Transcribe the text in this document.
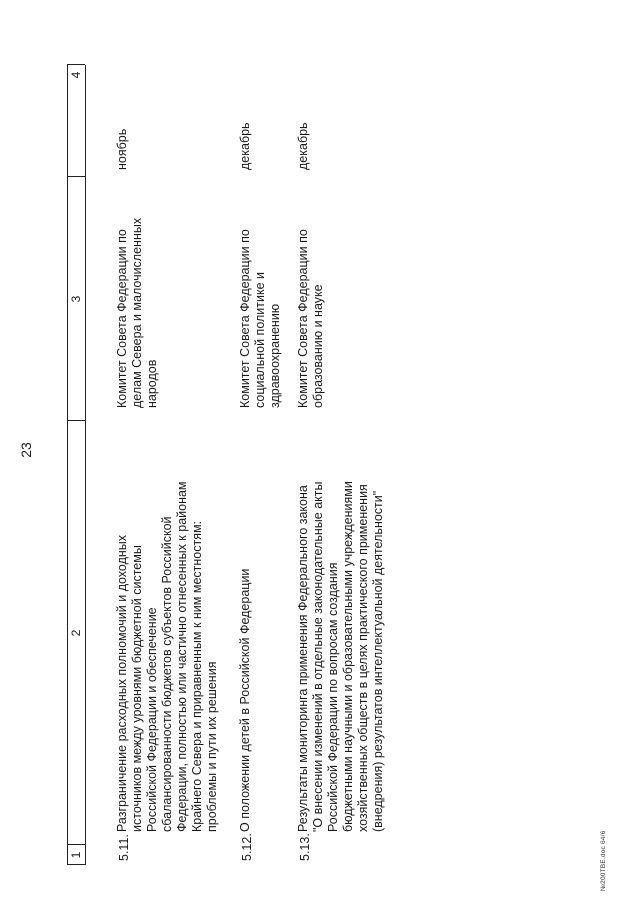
23
1
2
3
4
5.11.
Разграничение расходных полномочий и доходных
источников между уровнями бюджетной системы
Российской Федерации и обеспечение
сбалансированности бюджетов субъектов Российской
Федерации, полностью или частично отнесенных к районам
Крайнего Севера и приравненным к ним местностям:
проблемы и пути их решения
Комитет Совета Федерации по
делам Севера и малочисленных
народов
ноябрь
5.12.
О положении детей в Российской Федерации
Комитет Совета Федерации по
социальной политике и
здравоохранению
декабрь
5.13.
Результаты мониторинга применения Федерального закона
"О внесении изменений в отдельные законодательные акты
Российской Федерации по вопросам создания
бюджетными научными и образовательными учреждениями
хозяйственных обществ в целях практического применения
(внедрения) результатов интеллектуальной деятельности"
Комитет Совета Федерации по
образованию и науке
декабрь
№200ТВЕ.doc 64/6
